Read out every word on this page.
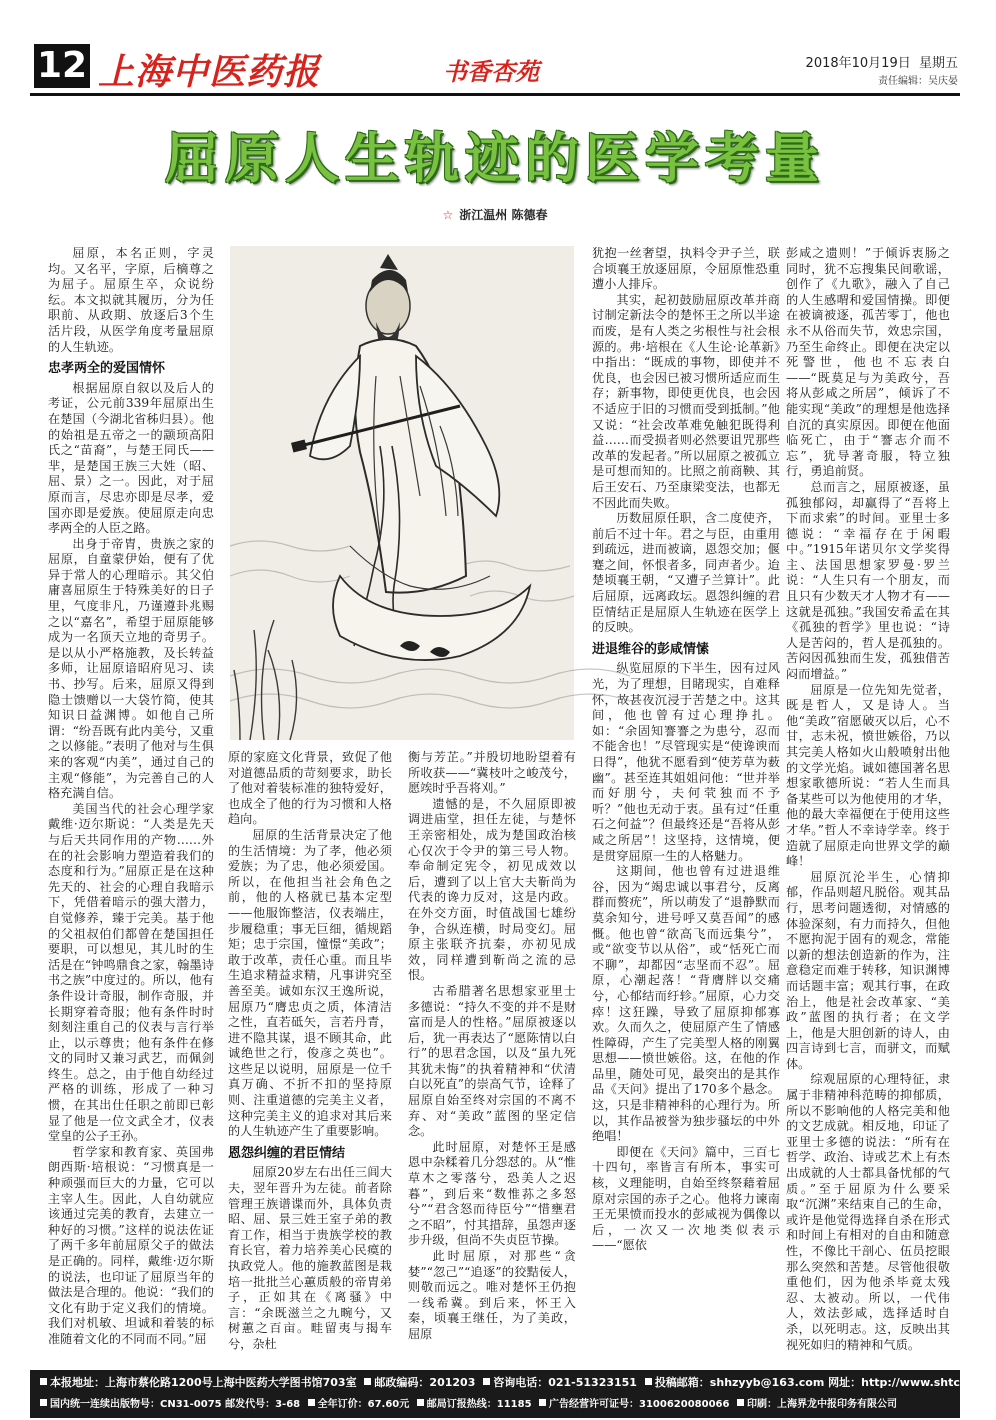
12 上海中医药报	书香杏苑	2018年10月19日 星期五
责任编辑：吴庆晏
屈原人生轨迹的医学考量
☆ 浙江温州 陈德春

屈原，本名正则，字灵均。又名平，字原，后樀尊之为屈子。屈原生卒，众说纷纭。本文拟就其履历，分为任职前、从政期、放逐后3个生活片段，从医学角度考量屈原的人生轨迹。

忠孝两全的爱国情怀

根据屈原自叙以及后人的考证，公元前339年屈原出生在楚国（今湖北省秭归县）。他的始祖是五帝之一的颛顼高阳氏之“苗裔”，与楚王同氏——芈，是楚国王族三大姓（昭、屈、景）之一。因此，对于屈原而言，尽忠亦即是尽孝，爱国亦即是爱族。使屈原走向忠孝两全的人臣之路。

出身于帝胄，贵族之家的屈原，自童蒙伊始，便有了优异于常人的心理暗示。其父伯庸喜屈原生于特殊美好的日子里，气度非凡，乃谨遵卦兆赐之以“嘉名”，希望于屈原能够成为一名顶天立地的奇男子。是以从小严格施教，及长转益多师，让屈原谙昭府见习、读书、抄写。后来，屈原又得到隐士馈赠以一大袋竹简，使其知识日益渊博。如他自己所谓：“纷吾既有此内美兮，又重之以修能。”表明了他对与生俱来的客观“内美”，通过自己的主观“修能”，为完善自己的人格充满自信。

美国当代的社会心理学家戴维·迈尔斯说：“人类是先天与后天共同作用的产物……外在的社会影响力塑造着我们的态度和行为。”屈原正是在这种先天的、社会的心理自我暗示下，凭借着暗示的强大潜力，自觉修养，臻于完美。基于他的父祖叔伯们都曾在楚国担任要职，可以想见，其儿时的生活是在“钟鸣鼎食之家，翰墨诗书之族”中度过的。所以，他有条件设计奇服，制作奇服，并长期穿着奇服；他有条件时时刻刻注重自己的仪表与言行举止，以示尊贵；他有条件在修文的同时又兼习武艺，而佩剑终生。总之，由于他自幼经过严格的训练，形成了一种习惯，在其出仕任职之前即已彰显了他是一位文武全才，仪表堂皇的公子王孙。

哲学家和教育家、英国弗朗西斯·培根说：“习惯真是一种顽强而巨大的力量，它可以主宰人生。因此，人自幼就应该通过完美的教育，去建立一种好的习惯。”这样的说法佐证了两千多年前屈原父子的做法是正确的。同样，戴维·迈尔斯的说法，也印证了屈原当年的做法是合理的。他说：“我们的文化有助于定义我们的情境。我们对机敏、坦诚和着装的标准随着文化的不同而不同。”屈

原的家庭文化背景，致促了他对道德品质的苛刻要求，助长了他对着装标准的独特爱好，也成全了他的行为习惯和人格趋向。

屈原的生活背景决定了他的生活情境：为了孝，他必须爱族；为了忠，他必须爱国。所以，在他担当社会角色之前，他的人格就已基本定型——他服饰整洁，仪表端庄，步履稳重；事无巨细，循规蹈矩；忠于宗国，憧憬“美政”；敢于改革，责任心重。而且毕生追求精益求精，凡事讲究至善至美。诚如东汉王逸所说，屈原乃“膺忠贞之质，体清洁之性，直若砥矢，言若丹青，进不隐其谋，退不顾其命，此诚绝世之行，俊彦之英也”。这些足以说明，屈原是一位千真万确、不折不扣的坚持原则、注重道德的完美主义者，这种完美主义的追求对其后来的人生轨迹产生了重要影响。

恩怨纠缠的君臣情结

屈原20岁左右出任三闾大夫，翌年晋升为左徒。前者除管理王族谱谍而外，具体负责昭、屈、景三姓王室子弟的教育工作，相当于贵族学校的教育长官，着力培养美心民瘼的执政党人。他的施教蓝图是栽培一批批兰心蕙质般的帝胄弟子，正如其在《离骚》中言：“余既滋兰之九畹兮，又树蕙之百亩。畦留夷与揭车兮，杂杜

衡与芳芷。”并殷切地盼望着有所收获——“冀枝叶之峻茂兮，愿竢时乎吾将刈。”

遗憾的是，不久屈原即被调进庙堂，担任左徒，与楚怀王亲密相处，成为楚国政治核心仅次于令尹的第三号人物。奉命制定宪令，初见成效以后，遭到了以上官大夫靳尚为代表的谗力反对，这是内政。在外交方面，时值战国七雄纷争，合纵连横，时局变幻。屈原主张联齐抗秦，亦初见成效，同样遭到靳尚之流的忌恨。

古希腊著名思想家亚里士多德说：“持久不变的并不是财富而是人的性格。”屈原被逐以后，犹一再表达了“愿陈情以白行”的思君念国，以及“虽九死其犹未悔”的执着精神和“伏清白以死直”的崇高气节，诠释了屈原自始至终对宗国的不离不弃、对“美政”蓝图的坚定信念。

此时屈原，对楚怀王是感恩中杂糅着几分怨怼的。从“惟草木之零落兮，恐美人之迟暮”，到后来“数惟荪之多怒兮”“君含怒而待臣兮”“惜壅君之不昭”，忖其措辞，虽怨声逐步升级，但尚不失贞臣节操。

此时屈原，对那些“贪婪”“忽己”“追逐”的狡黠佞人，则敬而远之。唯对楚怀王仍抱一线希冀。到后来，怀王入秦，顷襄王继任，为了美政，屈原

犹抱一丝奢望，执料令尹子兰，联合顷襄王放逐屈原，令屈原惟恐重遭小人排斥。

其实，起初鼓励屈原改革并商讨制定新法令的楚怀王之所以半途而废，是有人类之劣根性与社会根源的。弗·培根在《人生论·论革新》中指出：“既成的事物，即使并不优良，也会因已被习惯所适应而生存；新事物，即使更优良，也会因不适应于旧的习惯而受到抵制。”他又说：“社会改革难免触犯既得利益……而受损者则必然要诅咒那些改革的发起者。”所以屈原之被孤立是可想而知的。比照之前商鞅、其后王安石、乃至康梁变法，也都无不因此而失败。

历数屈原任职，含二度使齐，前后不过十年。君之与臣，由重用到疏远，进而被谪，恩怨交加；偃蹇之间，怀恨者多，同声者少。迨楚顷襄王朝，“又遭子兰算计”。此后屈原，远离政坛。恩怨纠缠的君臣情结正是屈原人生轨迹在医学上的反映。

进退维谷的彭咸情愫

纵览屈原的下半生，因有过风光，为了理想，目睹现实，自难释怀，故甚夜沉浸于苦楚之中。这其间，他也曾有过心理挣扎。如：“余固知謇謇之为患兮，忍而不能舍也！”尽管现实是“使谗谀而日得”，他犹不愿看到“使芳草为薮幽”。甚至连其姐姐问他：“世并举而好朋兮，夫何茕独而不予听？”他也无动于衷。虽有过“任重石之何益”？但最终还是“吾将从彭咸之所居”！这坚持，这情境，便是贯穿屈原一生的人格魅力。

这期间，他也曾有过进退维谷，因为“竭忠诚以事君兮，反离群而赘疣”，所以萌发了“退静默而莫余知兮，进号呼又莫吾闻”的感慨。他也曾“欲高飞而远集兮”，或“欲变节以从俗”，或“恬死亡而不聊”，却都因“志坚而不忍”。屈原，心潮起落！“背膺牉以交痛兮，心郁结而纡轸。”屈原，心力交瘁！这狂躁，导致了屈原抑郁寡欢。久而久之，使屈原产生了情感性障碍，产生了完美型人格的刚翼思想——愤世嫉俗。这，在他的作品里，随处可见，最突出的是其作品《天问》提出了170多个悬念。这，只是非精神科的心理行为。所以，其作品被誉为独步骚坛的中外绝唱！

即便在《天问》篇中，三百七十四句，率皆言有所本，事实可核，义理能明，自始至终祭藉着屈原对宗国的赤子之心。他将力谏南王无果愤而投水的彭咸视为偶像以后，一次又一次地类似表示——“愿依

彭咸之遗则！”于倾诉衷肠之同时，犹不忘搜集民间歌谣，创作了《九歌》，融入了自己的人生感喟和爱国情操。即便在被谪被逐，孤苦零丁，他也永不从俗而失节，效忠宗国，乃至生命终止。即便在决定以死警世，他也不忘表白——“既莫足与为美政兮，吾将从彭咸之所居”，倾诉了不能实现“美政”的理想是他选择自沉的真实原因。即便在他面临死亡，由于“謇志介而不忘”，犹导著奇服，特立独行，勇追前贤。

总而言之，屈原被逐，虽孤独郁闷，却赢得了“吾将上下而求索”的时间。亚里士多德说：“幸福存在于闲暇中。”1915年诺贝尔文学奖得主、法国思想家罗曼·罗兰说：“人生只有一个朋友，而且只有少数天才人物才有——这就是孤独。”我国安希孟在其《孤独的哲学》里也说：“诗人是苦闷的，哲人是孤独的。苦闷因孤独而生发，孤独借苦闷而增益。”

屈原是一位先知先觉者，既是哲人，又是诗人。当他“美政”宿愿破灭以后，心不甘，志未祝，愤世嫉俗，乃以其完美人格如火山般喷射出他的文学光焰。诚如德国著名思想家歌德所说：“若人生而具备某些可以为他使用的才华，他的最大幸福便在于使用这些才华。”哲人不幸诗学幸。终于造就了屈原走向世界文学的巅峰！

屈原沉沦半生，心情抑郁，作品则超凡脱俗。观其品行，思考问题透彻，对情感的体验深刻，有力而持久，但他不愿拘泥于固有的观念，常能以新的想法创造新的作为，注意稳定而难于转移，知识渊博而话题丰富；观其行事，在政治上，他是社会改革家、“美政”蓝图的执行者；在文学上，他是大胆创新的诗人，由四言诗到七言，而骈文，而赋体。

综观屈原的心理特征，隶属于非精神科范畴的抑郁质，所以不影响他的人格完美和他的文艺成就。相反地，印证了亚里士多德的说法：“所有在哲学、政治、诗或艺术上有杰出成就的人士都具备忧郁的气质。”至于屈原为什么要采取“沉渊”来结束自己的生命，或许是他觉得选择自杀在形式和时间上有相对的自由和随意性，不像比干剖心、伍员挖眼那么突然和苦楚。尽管他很敬重他们，因为他杀毕竟太残忍、太被动。所以，一代伟人，效法彭咸，选择适时自杀，以死明志。这，反映出其视死如归的精神和气质。

本报地址：上海市蔡伦路1200号上海中医药大学图书馆703室 邮政编码：201203 咨询电话：021-51323151 投稿邮箱：shhzyyb@163.com 网址：http://www.shtcm.org
国内统一连续出版物号：CN31-0075 邮发代号：3-68 全年订价：67.60元 邮局订报热线：11185 广告经营许可证号：3100620080066 印刷：上海界龙中报印务有限公司
